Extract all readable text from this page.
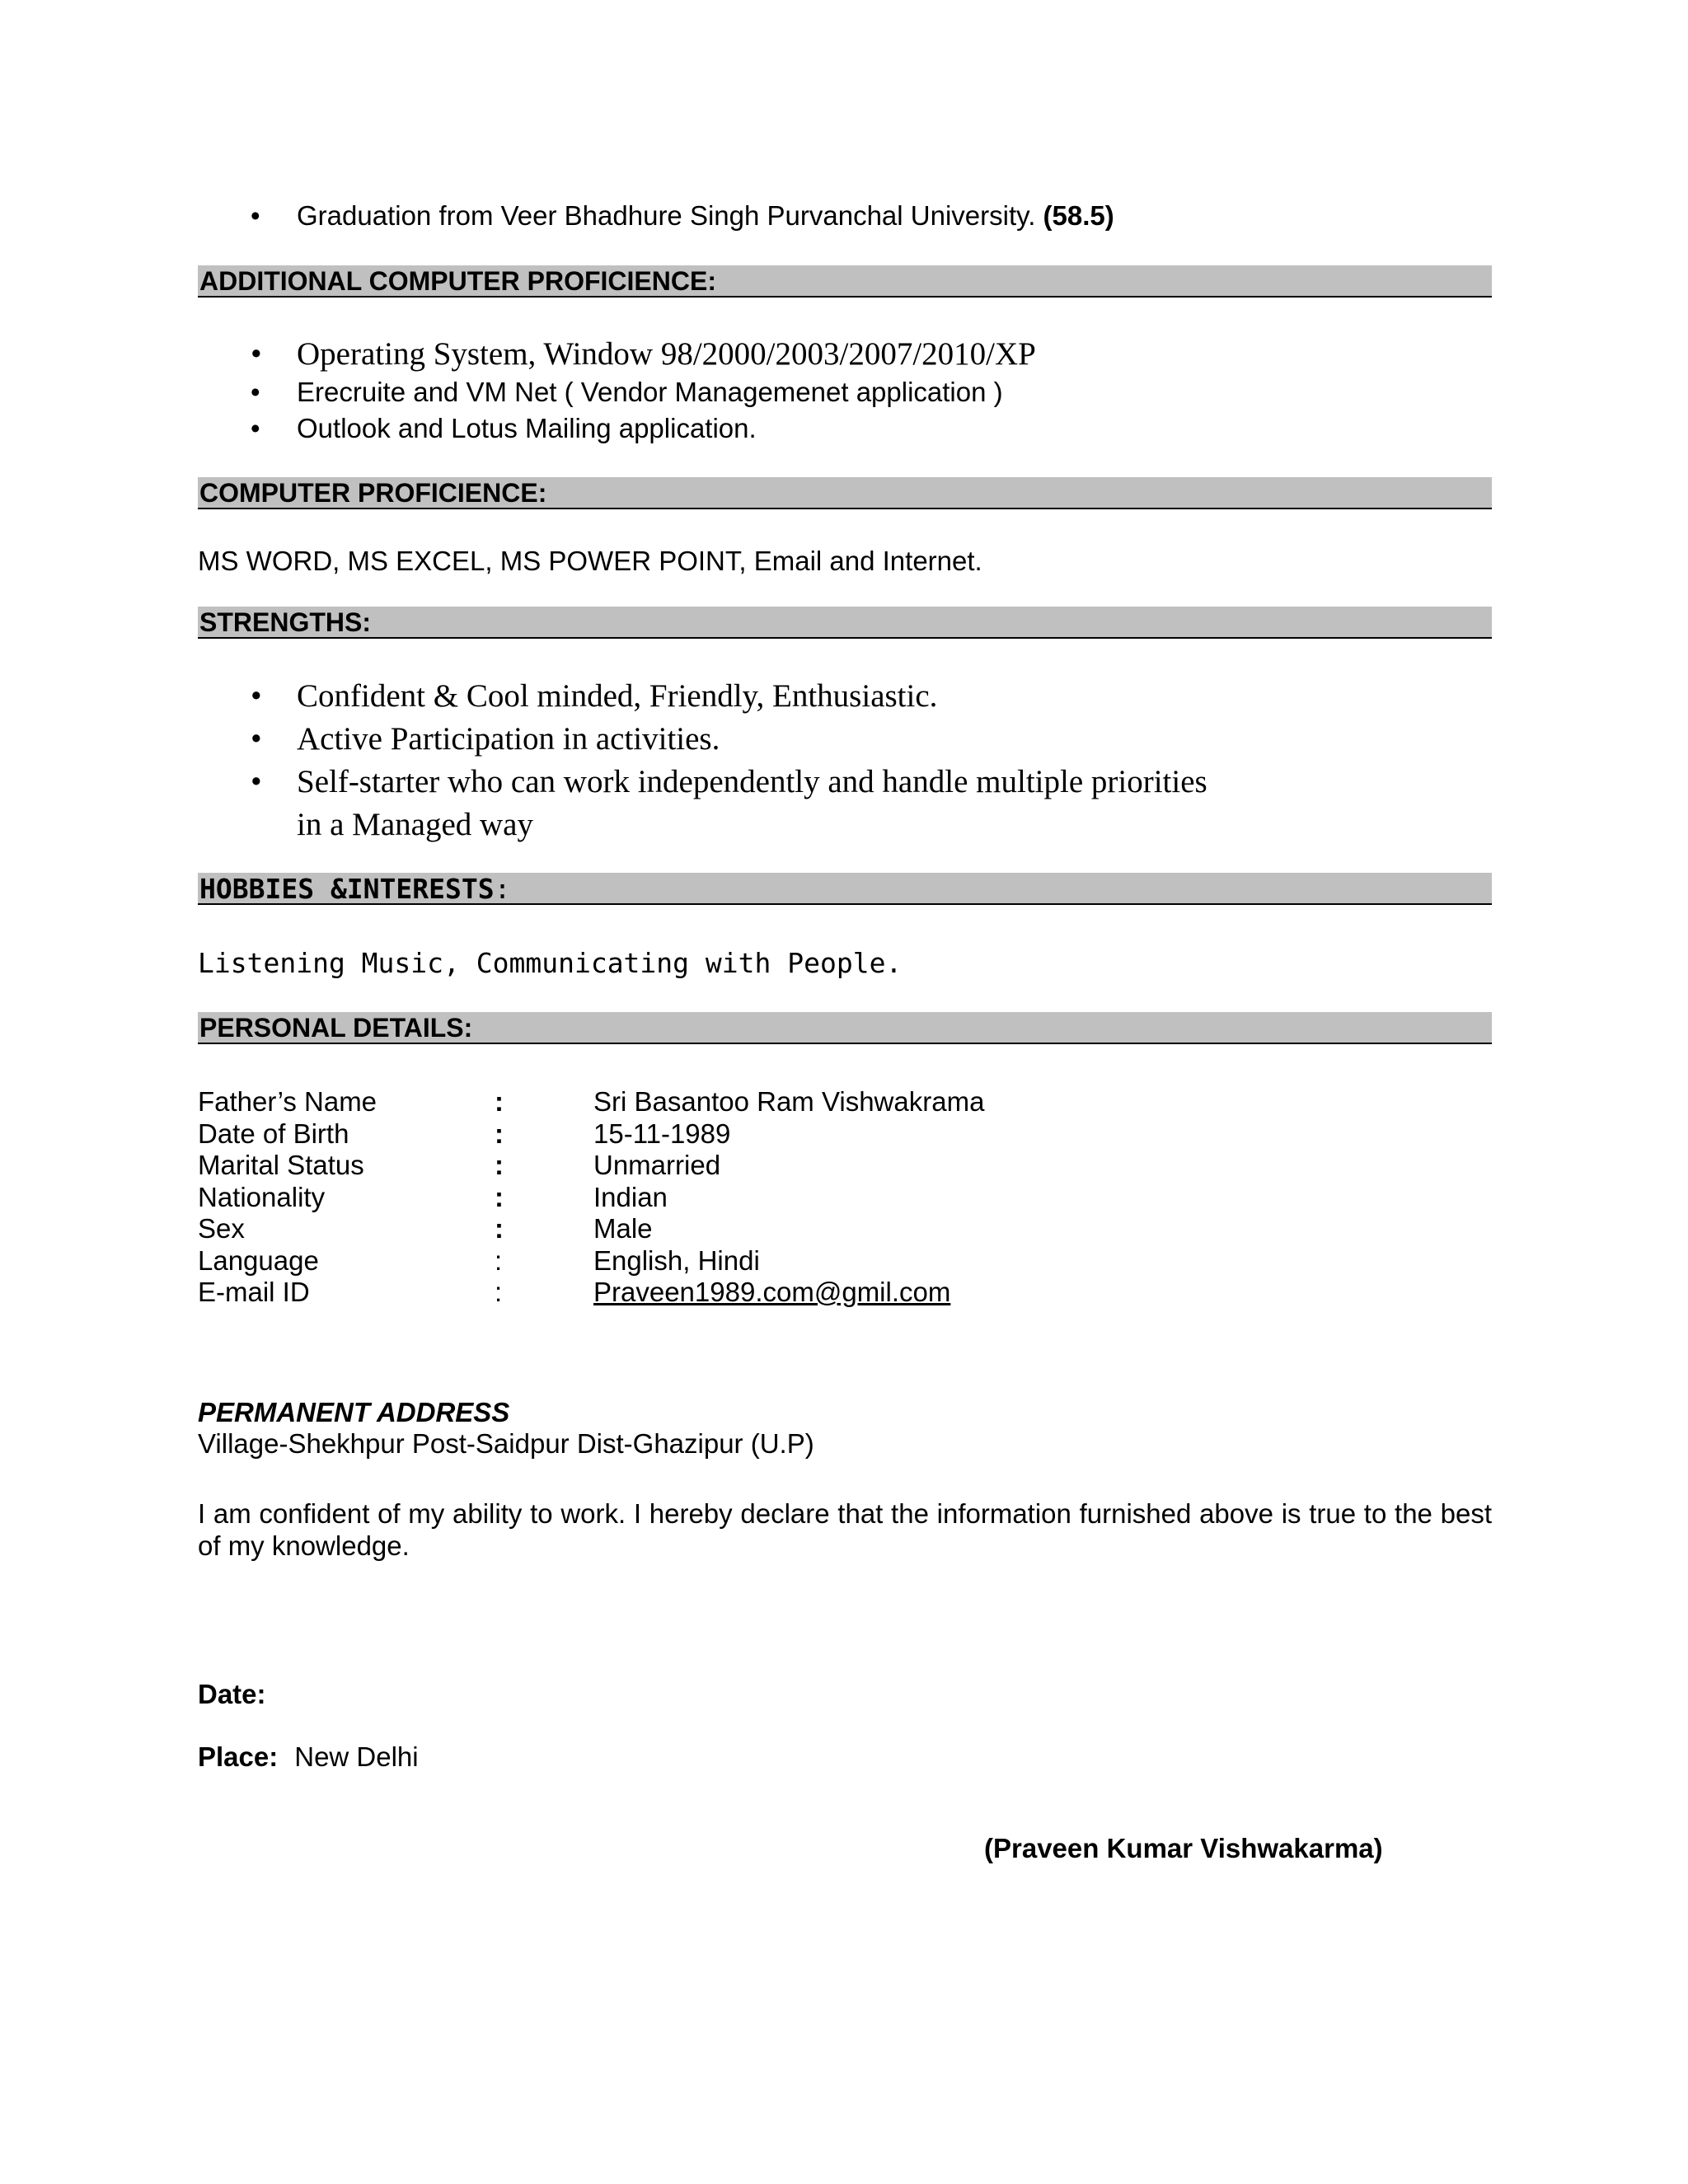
• Graduation from Veer Bhadhure Singh Purvanchal University. (58.5)
ADDITIONAL COMPUTER PROFICIENCE:
• Operating System, Window 98/2000/2003/2007/2010/XP
• Erecruite and VM Net ( Vendor Managemenet application )
• Outlook and Lotus Mailing application.
COMPUTER PROFICIENCE:
MS WORD, MS EXCEL, MS POWER POINT, Email and Internet.
STRENGTHS:
• Confident & Cool minded, Friendly, Enthusiastic.
• Active Participation in activities.
• Self-starter who can work independently and handle multiple priorities
in a Managed way
HOBBIES &INTERESTS:
Listening Music, Communicating with People.
PERSONAL DETAILS:
Father’s Name	:	Sri Basantoo Ram Vishwakrama
Date of Birth	:	15-11-1989
Marital Status	:	Unmarried
Nationality	:	Indian
Sex	:	Male
Language	:	English, Hindi
E-mail ID	:	Praveen1989.com@gmil.com
PERMANENT ADDRESS
Village-Shekhpur Post-Saidpur Dist-Ghazipur (U.P)
I am confident of my ability to work. I hereby declare that the information furnished above is true to the best of my knowledge.
Date:
Place: New Delhi
(Praveen Kumar Vishwakarma)
